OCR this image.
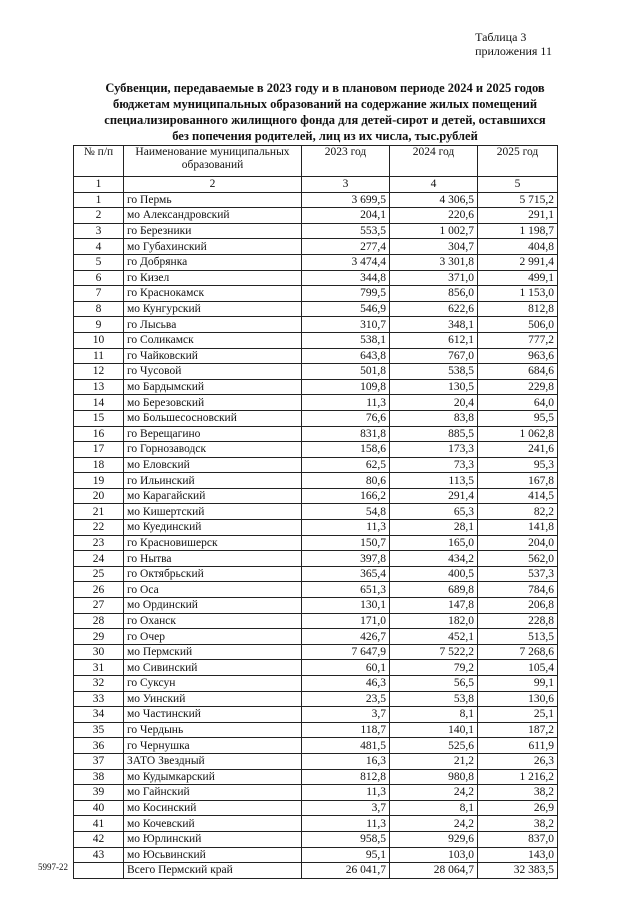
Таблица 3
приложения 11
Субвенции, передаваемые в 2023 году и в плановом периоде 2024 и 2025 годов
бюджетам муниципальных образований на содержание жилых помещений
специализированного жилищного фонда для детей-сирот и детей, оставшихся
без попечения родителей, лиц из их числа, тыс.рублей
№ п/п	Наименование муниципальных образований	2023 год	2024 год	2025 год
1	2	3	4	5
1	го Пермь	3 699,5	4 306,5	5 715,2
2	мо Александровский	204,1	220,6	291,1
3	го Березники	553,5	1 002,7	1 198,7
4	мо Губахинский	277,4	304,7	404,8
5	го Добрянка	3 474,4	3 301,8	2 991,4
6	го Кизел	344,8	371,0	499,1
7	го Краснокамск	799,5	856,0	1 153,0
8	мо Кунгурский	546,9	622,6	812,8
9	го Лысьва	310,7	348,1	506,0
10	го Соликамск	538,1	612,1	777,2
11	го Чайковский	643,8	767,0	963,6
12	го Чусовой	501,8	538,5	684,6
13	мо Бардымский	109,8	130,5	229,8
14	мо Березовский	11,3	20,4	64,0
15	мо Большесосновский	76,6	83,8	95,5
16	го Верещагино	831,8	885,5	1 062,8
17	го Горнозаводск	158,6	173,3	241,6
18	мо Еловский	62,5	73,3	95,3
19	го Ильинский	80,6	113,5	167,8
20	мо Карагайский	166,2	291,4	414,5
21	мо Кишертский	54,8	65,3	82,2
22	мо Куединский	11,3	28,1	141,8
23	го Красновишерск	150,7	165,0	204,0
24	го Нытва	397,8	434,2	562,0
25	го Октябрьский	365,4	400,5	537,3
26	го Оса	651,3	689,8	784,6
27	мо Ординский	130,1	147,8	206,8
28	го Оханск	171,0	182,0	228,8
29	го Очер	426,7	452,1	513,5
30	мо Пермский	7 647,9	7 522,2	7 268,6
31	мо Сивинский	60,1	79,2	105,4
32	го Суксун	46,3	56,5	99,1
33	мо Уинский	23,5	53,8	130,6
34	мо Частинский	3,7	8,1	25,1
35	го Чердынь	118,7	140,1	187,2
36	го Чернушка	481,5	525,6	611,9
37	ЗАТО Звездный	16,3	21,2	26,3
38	мо Кудымкарский	812,8	980,8	1 216,2
39	мо Гайнский	11,3	24,2	38,2
40	мо Косинский	3,7	8,1	26,9
41	мо Кочевский	11,3	24,2	38,2
42	мо Юрлинский	958,5	929,6	837,0
43	мо Юсьвинский	95,1	103,0	143,0
	Всего Пермский край	26 041,7	28 064,7	32 383,5
5997-22
